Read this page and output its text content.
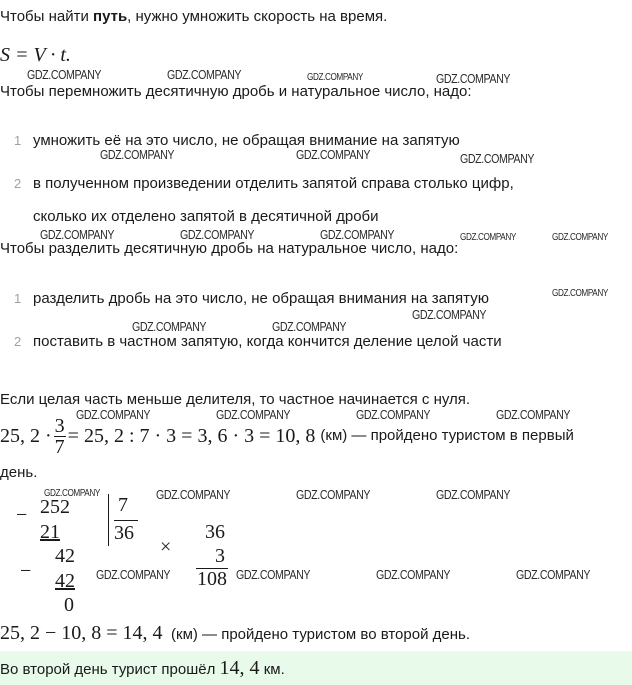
Чтобы найти путь, нужно умножить скорость на время.
S = V · t.
Чтобы перемножить десятичную дробь и натуральное число, надо:
1 умножить её на это число, не обращая внимание на запятую
2 в полученном произведении отделить запятой справа столько цифр,
сколько их отделено запятой в десятичной дроби
Чтобы разделить десятичную дробь на натуральное число, надо:
1 разделить дробь на это число, не обращая внимания на запятую
2 поставить в частном запятую, когда кончится деление целой части
Если целая часть меньше делителя, то частное начинается с нуля.
25, $2 \cdot \frac{3}{7} = 25$, 2 : 7 · 3 = 3, 6 · 3 = 10, 8 (км) — пройдено туристом в первый
день.
− 252
21
7
36
−
42
42
0
×
36
3
108
25, 2 − 10, 8 = 14, 4 (км) — пройдено туристом во второй день.
Во второй день турист прошёл 14, 4 км.
GDZ.COMPANY	GDZ.COMPANY	GDZ.COMPANY	GDZ.COMPANY
GDZ.COMPANY	GDZ.COMPANY	GDZ.COMPANY
GDZ.COMPANY	GDZ.COMPANY	GDZ.COMPANY	GDZ.COMPANY	GDZ.COMPANY
GDZ.COMPANY
GDZ.COMPANY
GDZ.COMPANY	GDZ.COMPANY
GDZ.COMPANY	GDZ.COMPANY	GDZ.COMPANY	GDZ.COMPANY
GDZ.COMPANY	GDZ.COMPANY	GDZ.COMPANY	GDZ.COMPANY
GDZ.COMPANY	GDZ.COMPANY	GDZ.COMPANY	GDZ.COMPANY
